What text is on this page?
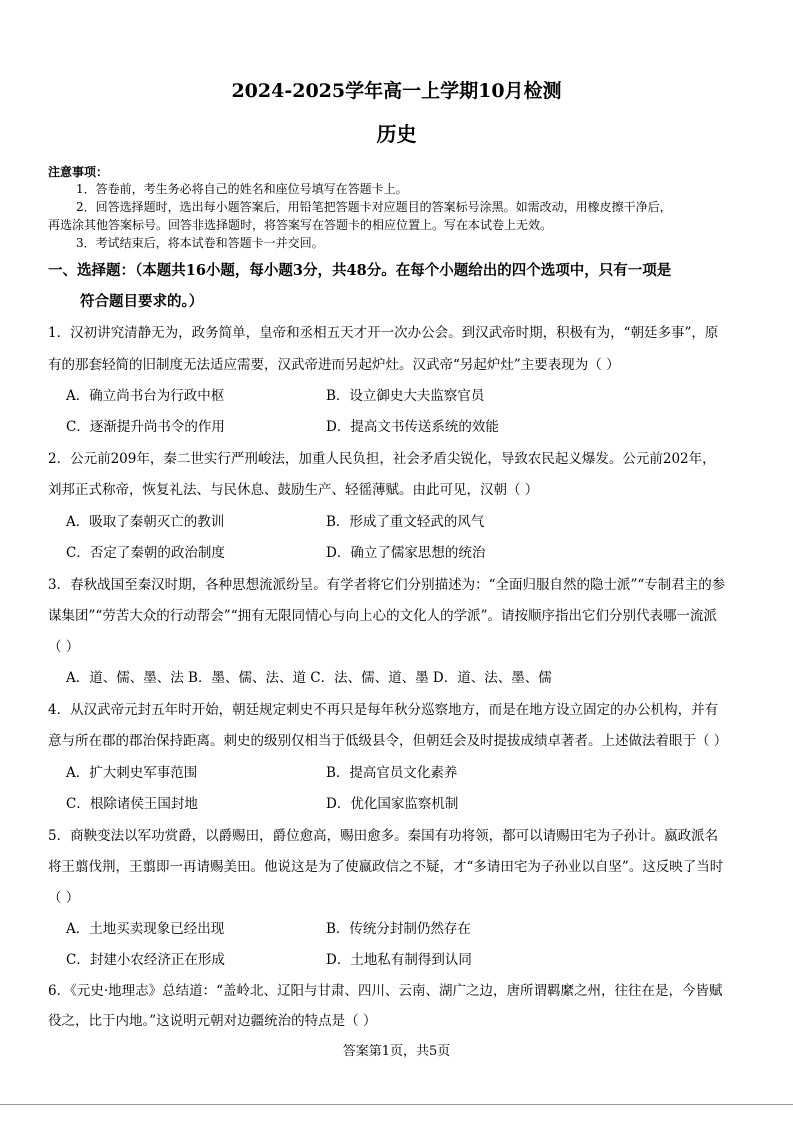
2024-2025学年高一上学期10月检测
历史
注意事项：
1．答卷前，考生务必将自己的姓名和座位号填写在答题卡上。
2．回答选择题时，选出每小题答案后，用铅笔把答题卡对应题目的答案标号涂黑。如需改动，用橡皮擦干净后，
再选涂其他答案标号。回答非选择题时，将答案写在答题卡的相应位置上。写在本试卷上无效。
3．考试结束后，将本试卷和答题卡一并交回。
一、选择题：（本题共16小题，每小题3分，共48分。在每个小题给出的四个选项中，只有一项是
符合题目要求的。）
1．汉初讲究清静无为，政务简单，皇帝和丞相五天才开一次办公会。到汉武帝时期，积极有为，“朝廷多事”，原
有的那套轻简的旧制度无法适应需要，汉武帝进而另起炉灶。汉武帝“另起炉灶”主要表现为（ ）
A．确立尚书台为行政中枢	B．设立御史大夫监察官员
C．逐渐提升尚书令的作用	D．提高文书传送系统的效能
2．公元前209年，秦二世实行严刑峻法，加重人民负担，社会矛盾尖锐化，导致农民起义爆发。公元前202年，
刘邦正式称帝，恢复礼法、与民休息、鼓励生产、轻徭薄赋。由此可见，汉朝（ ）
A．吸取了秦朝灭亡的教训	B．形成了重文轻武的风气
C．否定了秦朝的政治制度	D．确立了儒家思想的统治
3．春秋战国至秦汉时期，各种思想流派纷呈。有学者将它们分别描述为：“全面归服自然的隐士派”“专制君主的参
谋集团”“劳苦大众的行动帮会”“拥有无限同情心与向上心的文化人的学派”。请按顺序指出它们分别代表哪一流派
（ ）
A．道、儒、墨、法 B．墨、儒、法、道 C．法、儒、道、墨 D．道、法、墨、儒
4．从汉武帝元封五年时开始，朝廷规定刺史不再只是每年秋分巡察地方，而是在地方设立固定的办公机构，并有
意与所在郡的郡治保持距离。刺史的级别仅相当于低级县令，但朝廷会及时提拔成绩卓著者。上述做法着眼于（ ）
A．扩大刺史军事范围	B．提高官员文化素养
C．根除诸侯王国封地	D．优化国家监察机制
5．商鞅变法以军功赏爵，以爵赐田，爵位愈高，赐田愈多。秦国有功将领，都可以请赐田宅为子孙计。嬴政派名
将王翦伐荆，王翦即一再请赐美田。他说这是为了使嬴政信之不疑，才“多请田宅为子孙业以自坚”。这反映了当时
（ ）
A．土地买卖现象已经出现	B．传统分封制仍然存在
C．封建小农经济正在形成	D．土地私有制得到认同
6．《元史·地理志》总结道：“盖岭北、辽阳与甘肃、四川、云南、湖广之边，唐所谓羁縻之州，往往在是，今皆赋
役之，比于内地。”这说明元朝对边疆统治的特点是（ ）
答案第1页，共5页
